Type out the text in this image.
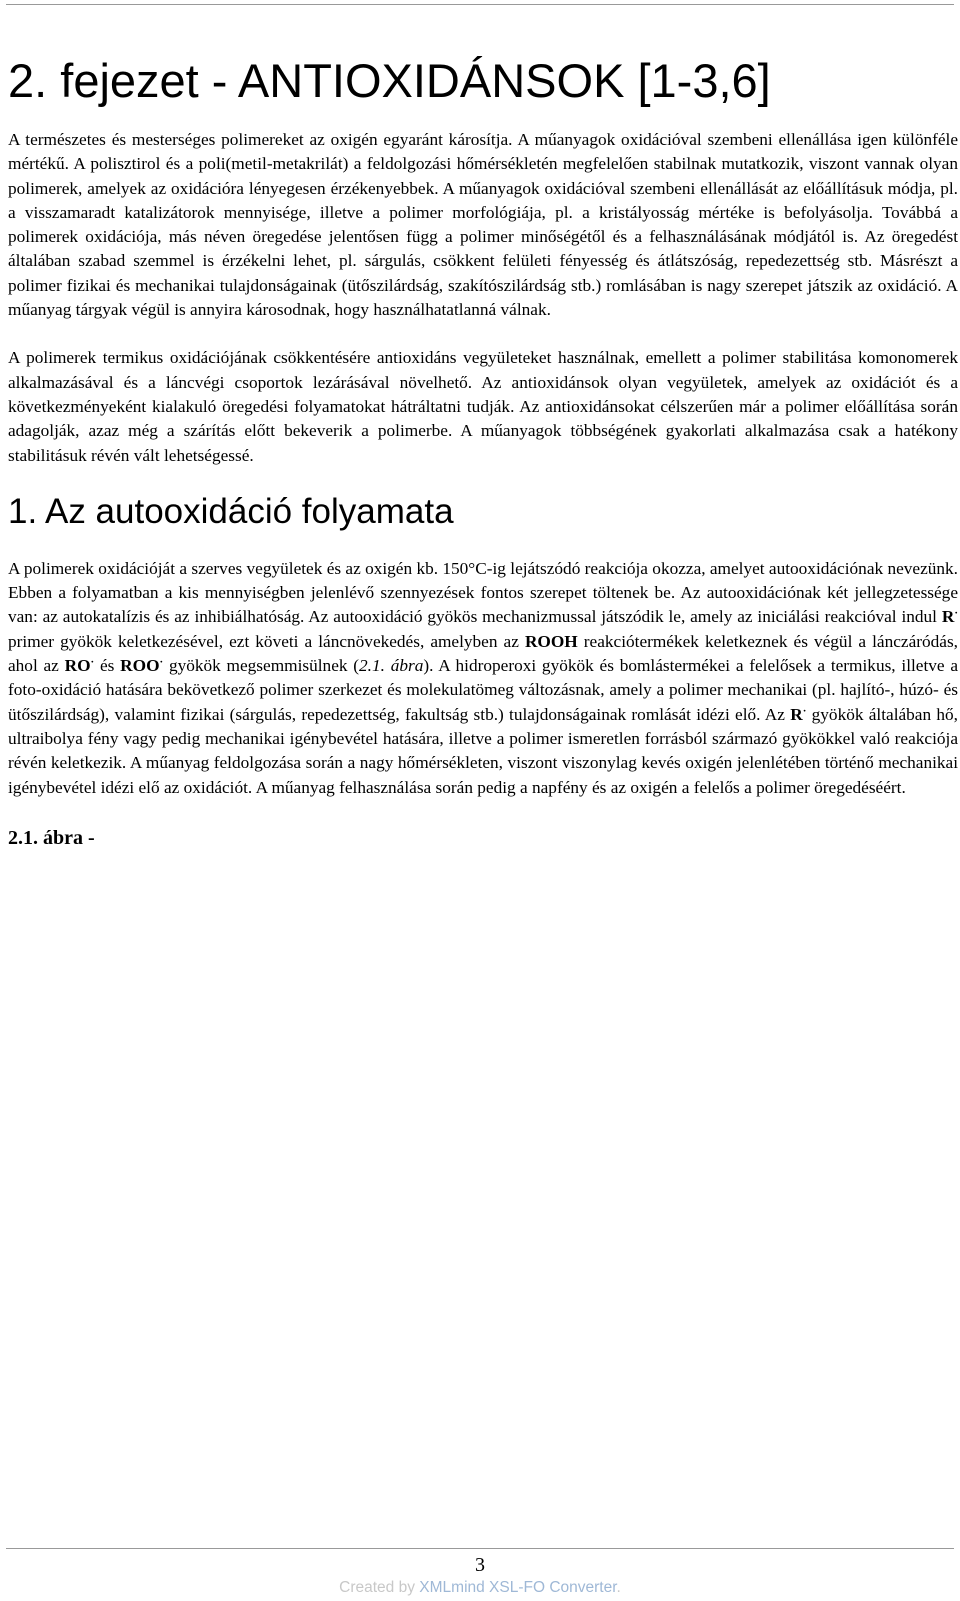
2. fejezet - ANTIOXIDÁNSOK [1-3,6]

A természetes és mesterséges polimereket az oxigén egyaránt károsítja. A műanyagok oxidációval szembeni ellenállása igen különféle mértékű. A polisztirol és a poli(metil-metakrilát) a feldolgozási hőmérsékletén megfelelően stabilnak mutatkozik, viszont vannak olyan polimerek, amelyek az oxidációra lényegesen érzékenyebbek. A műanyagok oxidációval szembeni ellenállását az előállításuk módja, pl. a visszamaradt katalizátorok mennyisége, illetve a polimer morfológiája, pl. a kristályosság mértéke is befolyásolja. Továbbá a polimerek oxidációja, más néven öregedése jelentősen függ a polimer minőségétől és a felhasználásának módjától is. Az öregedést általában szabad szemmel is érzékelni lehet, pl. sárgulás, csökkent felületi fényesség és átlátszóság, repedezettség stb. Másrészt a polimer fizikai és mechanikai tulajdonságainak (ütőszilárdság, szakítószilárdság stb.) romlásában is nagy szerepet játszik az oxidáció. A műanyag tárgyak végül is annyira károsodnak, hogy használhatatlanná válnak.

A polimerek termikus oxidációjának csökkentésére antioxidáns vegyületeket használnak, emellett a polimer stabilitása komonomerek alkalmazásával és a láncvégi csoportok lezárásával növelhető. Az antioxidánsok olyan vegyületek, amelyek az oxidációt és a következményeként kialakuló öregedési folyamatokat hátráltatni tudják. Az antioxidánsokat célszerűen már a polimer előállítása során adagolják, azaz még a szárítás előtt bekeverik a polimerbe. A műanyagok többségének gyakorlati alkalmazása csak a hatékony stabilitásuk révén vált lehetségessé.

1. Az autooxidáció folyamata

A polimerek oxidációját a szerves vegyületek és az oxigén kb. 150°C-ig lejátszódó reakciója okozza, amelyet autooxidációnak nevezünk. Ebben a folyamatban a kis mennyiségben jelenlévő szennyezések fontos szerepet töltenek be. Az autooxidációnak két jellegzetessége van: az autokatalízis és az inhibiálhatóság. Az autooxidáció gyökös mechanizmussal játszódik le, amely az iniciálási reakcióval indul R· primer gyökök keletkezésével, ezt követi a láncnövekedés, amelyben az ROOH reakciótermékek keletkeznek és végül a lánczáródás, ahol az RO· és ROO· gyökök megsemmisülnek (2.1. ábra). A hidroperoxi gyökök és bomlástermékei a felelősek a termikus, illetve a foto-oxidáció hatására bekövetkező polimer szerkezet és molekulatömeg változásnak, amely a polimer mechanikai (pl. hajlító-, húzó- és ütőszilárdság), valamint fizikai (sárgulás, repedezettség, fakultság stb.) tulajdonságainak romlását idézi elő. Az R· gyökök általában hő, ultraibolya fény vagy pedig mechanikai igénybevétel hatására, illetve a polimer ismeretlen forrásból származó gyökökkel való reakciója révén keletkezik. A műanyag feldolgozása során a nagy hőmérsékleten, viszont viszonylag kevés oxigén jelenlétében történő mechanikai igénybevétel idézi elő az oxidációt. A műanyag felhasználása során pedig a napfény és az oxigén a felelős a polimer öregedéséért.

2.1. ábra -
3
Created by XMLmind XSL-FO Converter.
